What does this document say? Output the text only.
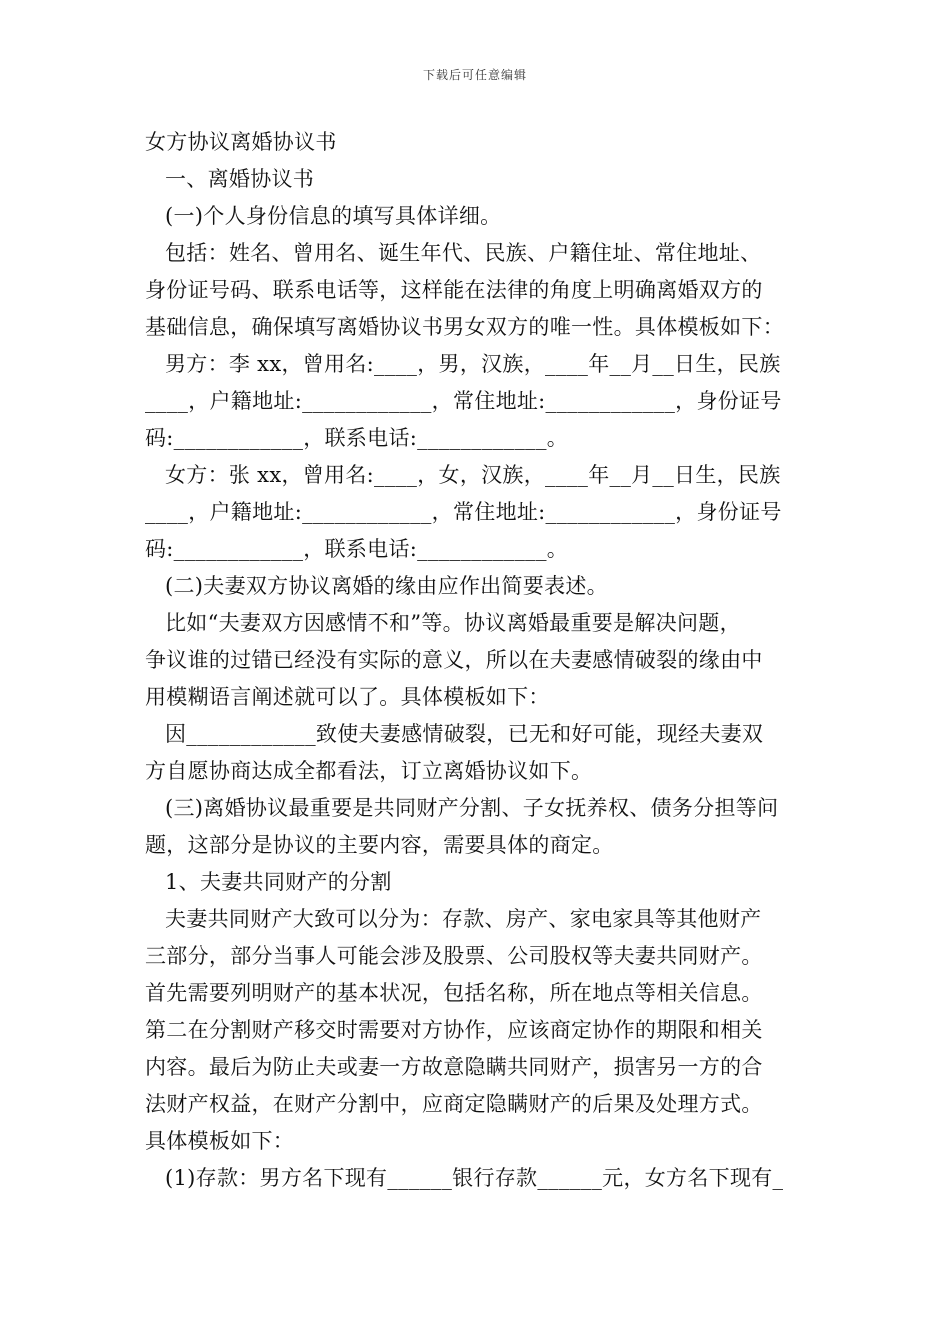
下载后可任意编辑
女方协议离婚协议书
一、离婚协议书
(一)个人身份信息的填写具体详细。
包括：姓名、曾用名、诞生年代、民族、户籍住址、常住地址、
身份证号码、联系电话等，这样能在法律的角度上明确离婚双方的
基础信息，确保填写离婚协议书男女双方的唯一性。具体模板如下：
男方：李 xx，曾用名:____，男，汉族，____年__月__日生，民族
____，户籍地址:____________，常住地址:____________，身份证号
码:____________，联系电话:____________。
女方：张 xx，曾用名:____，女，汉族，____年__月__日生，民族
____，户籍地址:____________，常住地址:____________，身份证号
码:____________，联系电话:____________。
(二)夫妻双方协议离婚的缘由应作出简要表述。
比如“夫妻双方因感情不和”等。协议离婚最重要是解决问题，
争议谁的过错已经没有实际的意义，所以在夫妻感情破裂的缘由中
用模糊语言阐述就可以了。具体模板如下：
因____________致使夫妻感情破裂，已无和好可能，现经夫妻双
方自愿协商达成全都看法，订立离婚协议如下。
(三)离婚协议最重要是共同财产分割、子女抚养权、债务分担等问
题，这部分是协议的主要内容，需要具体的商定。
1、夫妻共同财产的分割
夫妻共同财产大致可以分为：存款、房产、家电家具等其他财产
三部分，部分当事人可能会涉及股票、公司股权等夫妻共同财产。
首先需要列明财产的基本状况，包括名称，所在地点等相关信息。
第二在分割财产移交时需要对方协作，应该商定协作的期限和相关
内容。最后为防止夫或妻一方故意隐瞒共同财产，损害另一方的合
法财产权益，在财产分割中，应商定隐瞒财产的后果及处理方式。
具体模板如下：
(1)存款：男方名下现有______银行存款______元，女方名下现有_
